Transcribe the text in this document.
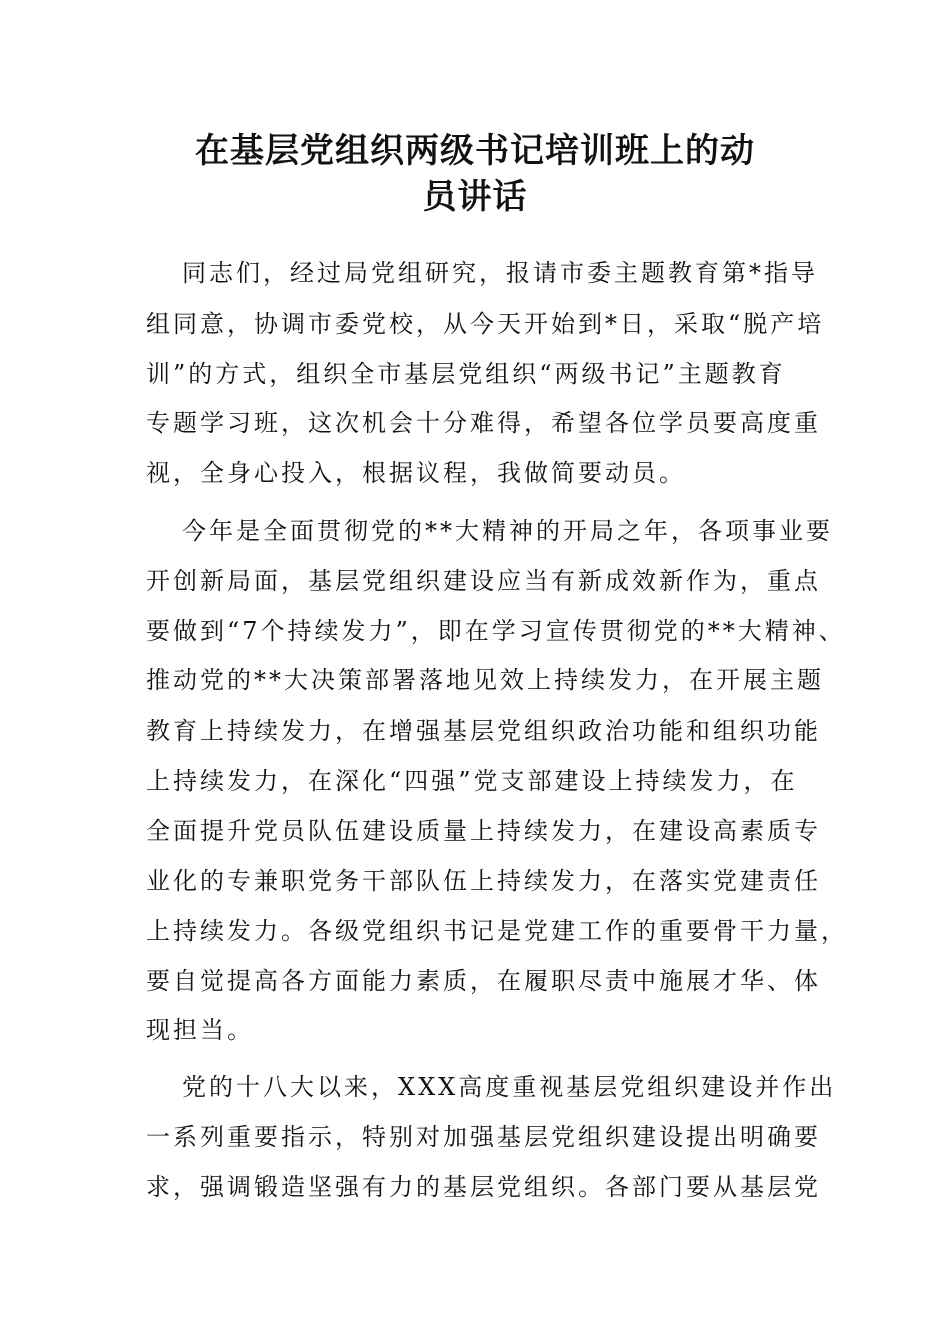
在基层党组织两级书记培训班上的动
员讲话
同志们，经过局党组研究，报请市委主题教育第*指导
组同意，协调市委党校，从今天开始到*日，采取“脱产培
训”的方式，组织全市基层党组织“两级书记”主题教育
专题学习班，这次机会十分难得，希望各位学员要高度重
视，全身心投入，根据议程，我做简要动员。
今年是全面贯彻党的**大精神的开局之年，各项事业要
开创新局面，基层党组织建设应当有新成效新作为，重点
要做到“7个持续发力”，即在学习宣传贯彻党的**大精神、
推动党的**大决策部署落地见效上持续发力，在开展主题
教育上持续发力，在增强基层党组织政治功能和组织功能
上持续发力，在深化“四强”党支部建设上持续发力，在
全面提升党员队伍建设质量上持续发力，在建设高素质专
业化的专兼职党务干部队伍上持续发力，在落实党建责任
上持续发力。各级党组织书记是党建工作的重要骨干力量，
要自觉提高各方面能力素质，在履职尽责中施展才华、体
现担当。
党的十八大以来，XXX高度重视基层党组织建设并作出
一系列重要指示，特别对加强基层党组织建设提出明确要
求，强调锻造坚强有力的基层党组织。各部门要从基层党
